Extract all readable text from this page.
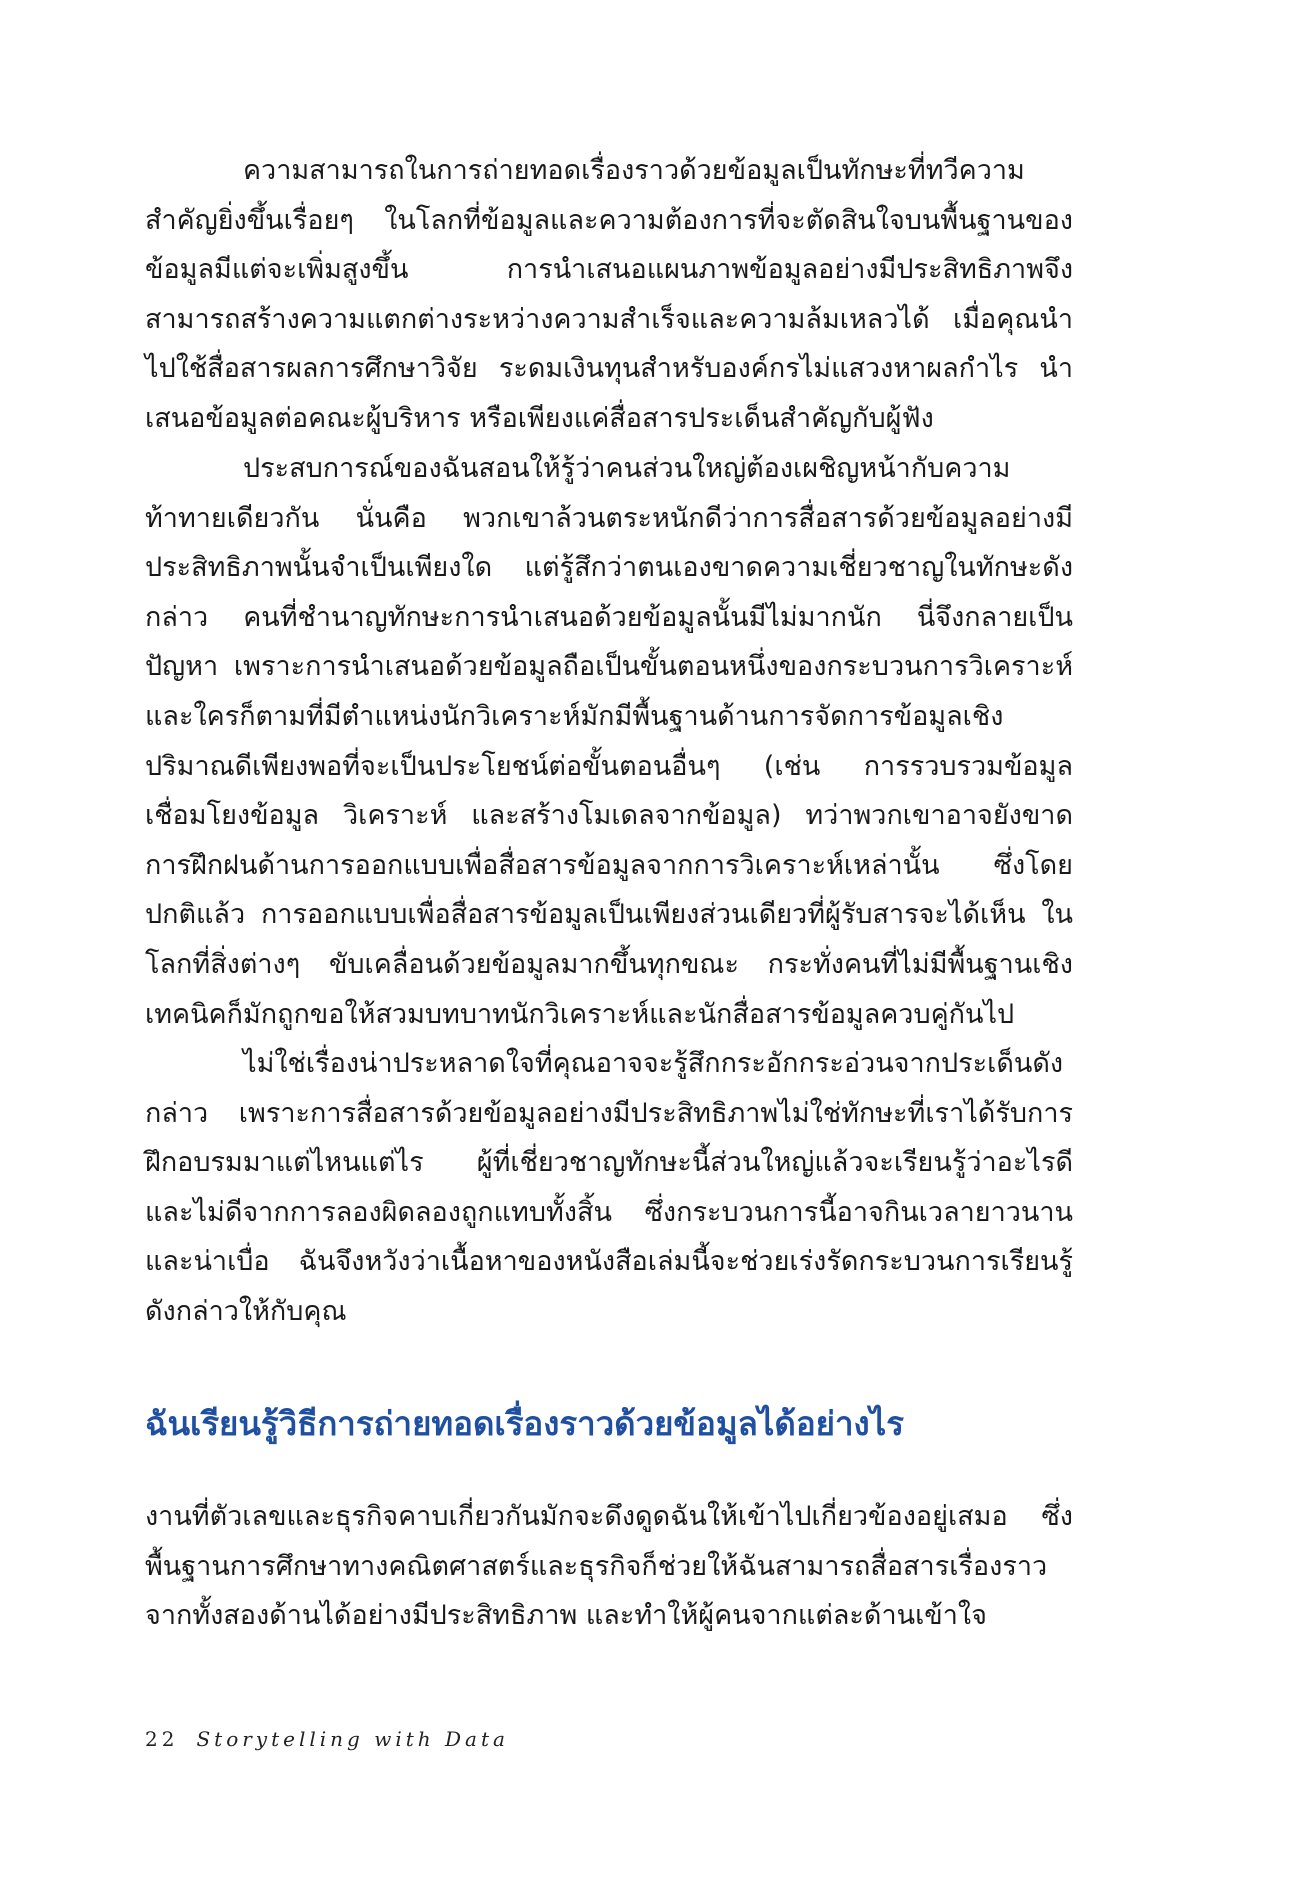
ความสามารถในการถ่ายทอดเรื่องราวด้วยข้อมูลเป็นทักษะที่ทวีความสำคัญยิ่งขึ้นเรื่อยๆ ในโลกที่ข้อมูลและความต้องการที่จะตัดสินใจบนพื้นฐานของข้อมูลมีแต่จะเพิ่มสูงขึ้น การนำเสนอแผนภาพข้อมูลอย่างมีประสิทธิภาพจึงสามารถสร้างความแตกต่างระหว่างความสำเร็จและความล้มเหลวได้ เมื่อคุณนำไปใช้สื่อสารผลการศึกษาวิจัย ระดมเงินทุนสำหรับองค์กรไม่แสวงหาผลกำไร นำเสนอข้อมูลต่อคณะผู้บริหาร หรือเพียงแค่สื่อสารประเด็นสำคัญกับผู้ฟัง

ประสบการณ์ของฉันสอนให้รู้ว่าคนส่วนใหญ่ต้องเผชิญหน้ากับความท้าทายเดียวกัน นั่นคือ พวกเขาล้วนตระหนักดีว่าการสื่อสารด้วยข้อมูลอย่างมีประสิทธิภาพนั้นจำเป็นเพียงใด แต่รู้สึกว่าตนเองขาดความเชี่ยวชาญในทักษะดังกล่าว คนที่ชำนาญทักษะการนำเสนอด้วยข้อมูลนั้นมีไม่มากนัก นี่จึงกลายเป็นปัญหา เพราะการนำเสนอด้วยข้อมูลถือเป็นขั้นตอนหนึ่งของกระบวนการวิเคราะห์ และใครก็ตามที่มีตำแหน่งนักวิเคราะห์มักมีพื้นฐานด้านการจัดการข้อมูลเชิงปริมาณดีเพียงพอที่จะเป็นประโยชน์ต่อขั้นตอนอื่นๆ (เช่น การรวบรวมข้อมูล เชื่อมโยงข้อมูล วิเคราะห์ และสร้างโมเดลจากข้อมูล) ทว่าพวกเขาอาจยังขาดการฝึกฝนด้านการออกแบบเพื่อสื่อสารข้อมูลจากการวิเคราะห์เหล่านั้น ซึ่งโดยปกติแล้ว การออกแบบเพื่อสื่อสารข้อมูลเป็นเพียงส่วนเดียวที่ผู้รับสารจะได้เห็น ในโลกที่สิ่งต่างๆ ขับเคลื่อนด้วยข้อมูลมากขึ้นทุกขณะ กระทั่งคนที่ไม่มีพื้นฐานเชิงเทคนิคก็มักถูกขอให้สวมบทบาทนักวิเคราะห์และนักสื่อสารข้อมูลควบคู่กันไป

ไม่ใช่เรื่องน่าประหลาดใจที่คุณอาจจะรู้สึกกระอักกระอ่วนจากประเด็นดังกล่าว เพราะการสื่อสารด้วยข้อมูลอย่างมีประสิทธิภาพไม่ใช่ทักษะที่เราได้รับการฝึกอบรมมาแต่ไหนแต่ไร ผู้ที่เชี่ยวชาญทักษะนี้ส่วนใหญ่แล้วจะเรียนรู้ว่าอะไรดีและไม่ดีจากการลองผิดลองถูกแทบทั้งสิ้น ซึ่งกระบวนการนี้อาจกินเวลายาวนานและน่าเบื่อ ฉันจึงหวังว่าเนื้อหาของหนังสือเล่มนี้จะช่วยเร่งรัดกระบวนการเรียนรู้ดังกล่าวให้กับคุณ

ฉันเรียนรู้วิธีการถ่ายทอดเรื่องราวด้วยข้อมูลได้อย่างไร

งานที่ตัวเลขและธุรกิจคาบเกี่ยวกันมักจะดึงดูดฉันให้เข้าไปเกี่ยวข้องอยู่เสมอ ซึ่งพื้นฐานการศึกษาทางคณิตศาสตร์และธุรกิจก็ช่วยให้ฉันสามารถสื่อสารเรื่องราวจากทั้งสองด้านได้อย่างมีประสิทธิภาพ และทำให้ผู้คนจากแต่ละด้านเข้าใจ

22 Storytelling with Data
